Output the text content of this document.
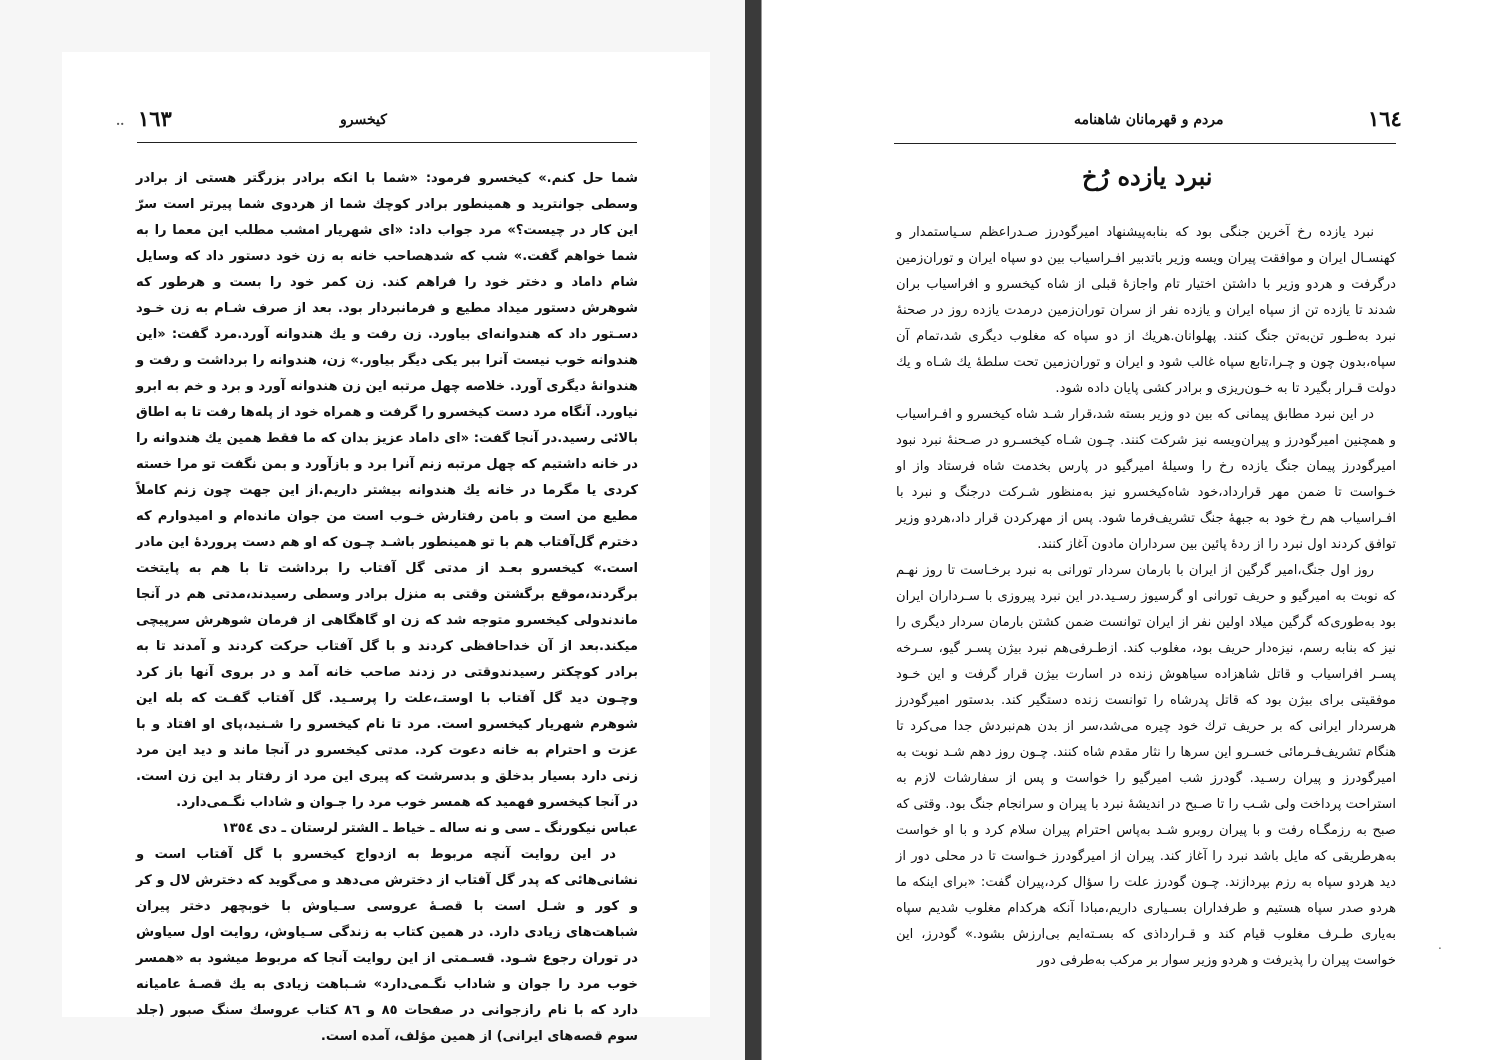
١٦٣	کیخسرو
..

شما حل کنم.» کیخسرو فرمود: «شما با انکه برادر بزرگتر هستی از برادر وسطی جوانترید و همینطور برادر کوچك شما از هردوی شما پیرتر است سرّ این کار در چیست؟» مرد جواب داد: «ای شهریار امشب مطلب این معما را به شما خواهم گفت.» شب که شدهصاحب خانه به زن خود دستور داد که وسایل شام داماد و دختر خود را فراهم کند. زن کمر خود را بست و هرطور که شوهرش دستور میداد مطیع و فرمانبردار بود. بعد از صرف شـام به زن خـود دسـتور داد که هندوانه‌ای بیاورد. زن رفت و یك هندوانه آورد.مرد گفت: «این هندوانه خوب نیست آنرا ببر یکی دیگر بیاور.» زن، هندوانه را برداشت و رفت و هندوانهٔ دیگری آورد. خلاصه چهل مرتبه این زن هندوانه آورد و برد و خم به ابرو نیاورد. آنگاه مرد دست کیخسرو را گرفت و همراه خود از پله‌ها رفت تا به اطاق بالائی رسید.در آنجا گفت: «ای داماد عزیز بدان که ما فقط همین یك هندوانه را در خانه داشتیم که چهل مرتبه زنم آنرا برد و بازآورد و بمن نگفت تو مرا خسته کردی یا مگرما در خانه یك هندوانه بیشتر داریم.از این جهت چون زنم کاملاً مطیع من است و بامن رفتارش خـوب است من جوان مانده‌ام و امیدوارم که دخترم گل‌آفتاب هم با تو همینطور باشـد چـون که او هم دست پروردهٔ این مادر است.» کیخسرو بعـد از مدتی گل آفتاب را برداشت تا با هم به پایتخت برگردند،موقع برگشتن وقتی به منزل برادر وسطی رسیدند،مدتی هم در آنجا ماندندولی کیخسرو متوجه شد که زن او گاهگاهی از فرمان شوهرش سرپیچی میکند.بعد از آن خداحافظی کردند و با گل آفتاب حرکت کردند و آمدند تا به برادر کوچکتر رسیدندوقتی در زدند صاحب خانه آمد و در بروی آنها باز کرد وچـون دید گل آفتاب با اوستـ،علت را پرسـید. گل آفتاب گفـت که بله این شوهرم شهریار کیخسرو است. مرد تا نام کیخسرو را شـنید،پای او افتاد و با عزت و احترام به خانه دعوت کرد. مدتی کیخسرو در آنجا ماند و دید این مرد زنی دارد بسیار بدخلق و بدسرشت که پیری این مرد از رفتار بد این زن است. در آنجا کیخسرو فهمید که همسر خوب مرد را جـوان و شاداب نگـمی‌دارد.

عباس نیکورنگ ـ سی و نه ساله ـ خیاط ـ الشتر لرستان ـ دی ١٣٥٤

در این روایت آنچه مربوط به ازدواج کیخسرو با گل آفتاب است و نشانی‌هائی که پدر گل آفتاب از دخترش می‌دهد و می‌گوید که دخترش لال و کر و کور و شـل است با قصـهٔ عروسی سـیاوش با خوبچهر دختر پیران شباهت‌های زیادی دارد. در همین کتاب به زندگی سـیاوش، روایت اول سیاوش در توران رجوع شـود. قسـمتی از این روایت آنجا که مربوط میشود به «همسر خوب مرد را جوان و شاداب نگـمی‌دارد» شـباهت زیادی به یك قصـهٔ عامیانه دارد که با نام رازجوانی در صفحات ٨٥ و ٨٦ کتاب عروسك سنگ صبور (جلد سوم قصه‌های ایرانی) از همین مؤلف، آمده است.

١٦٤
مردم و قهرمانان شاهنامه
نبرد یازده رُخ

نبرد یازده رخ آخرین جنگی بود که بنابه‌پیشنهاد امیرگودرز صـدراعظم سـیاستمدار و کهنسـال ایران و موافقت پیران ویسه وزیر باتدبیر افـراسیاب بین دو سپاه ایران و توران‌زمین درگرفت و هردو وزیر با داشتن اختیار تام واجازهٔ قبلی از شاه کیخسرو و افراسیاب بران شدند تا یازده تن از سپاه ایران و یازده نفر از سران توران‌زمین درمدت یازده روز در صحنهٔ نبرد به‌طـور تن‌به‌تن جنگ کنند. پهلوانان.هریك از دو سپاه که مغلوب دیگری شد،تمام آن سپاه،بدون چون و چـرا،تابع سپاه غالب شود و ایران و توران‌زمین تحت سلطهٔ یك شـاه و یك دولت قـرار بگیرد تا به خـون‌ریزی و برادر کشی پایان داده شود.

در این نبرد مطابق پیمانی که بین دو وزیر بسته شد،قرار شـد شاه کیخسرو و افـراسیاب و همچنین امیرگودرز و پیران‌ویسه نیز شرکت کنند. چـون شـاه کیخسـرو در صـحنهٔ نبرد نبود امیرگودرز پیمان جنگ یازده رخ را وسیلهٔ امیرگیو در پارس بخدمت شاه فرستاد واز او خـواست تا ضمن مهر قرارداد،خود شاه‌کیخسرو نیز به‌منظور شـرکت درجنگ و نبرد با افـراسیاب هم رخ خود به جبههٔ جنگ تشریف‌فرما شود. پس از مهرکردن قرار داد،هردو وزیر توافق کردند اول نبرد را از ردهٔ پائین بین سرداران مادون آغاز کنند.

روز اول جنگ،امیر گرگین از ایران با بارمان سردار تورانی به نبرد برخـاست تا روز نهـم که نوبت به امیرگیو و حریف تورانی او گرسیوز رسـید.در این نبرد پیروزی با سـرداران ایران بود به‌طوری‌که گرگین میلاد اولین نفر از ایران توانست ضمن کشتن بارمان سردار دیگری را نیز که بنابه رسم، نیزه‌دار حریف بود، مغلوب کند. ازطـرفی‌هم نبرد بیژن پسـر گیو، سـرخه پسـر افراسیاب و قاتل شاهزاده سیاهوش زنده در اسارت بیژن قرار گرفت و این خـود موفقیتی برای بیژن بود که قاتل پدرشاه را توانست زنده دستگیر کند. بدستور امیرگودرز هرسردار ایرانی که بر حریف ترك خود چیره می‌شد،سر از بدن هم‌نبردش جدا می‌کرد تا هنگام تشریف‌فـرمائی خسـرو این سرها را نثار مقدم شاه کنند. چـون روز دهم شـد نوبت به امیرگودرز و پیران رسـید. گودرز شب امیرگیو را خواست و پس از سفارشات لازم به استراحت پرداخت ولی شـب را تا صـبح در اندیشهٔ نبرد با پیران و سرانجام جنگ بود. وقتی که صبح به رزمگـاه رفت و با پیران روبرو شـد به‌پاس احترام پیران سلام کرد و با او خواست به‌هرطریقی که مایل باشد نبرد را آغاز کند. پیران از امیرگودرز خـواست تا در محلی دور از دید هردو سپاه به رزم بپردازند. چـون گودرز علت را سؤال کرد،پیران گفت: «برای اینکه ما هردو صدر سپاه هستیم و طرفداران بسـیاری داریم،مبادا آنکه هرکدام مغلوب شدیم سپاه به‌یاری طـرف مغلوب قیام کند و قـرارداذی که بسـته‌ایم بی‌ارزش بشود.» گودرز، این خواست پیران را پذیرفت و هردو وزیر سوار بر مرکب به‌طرفی دور

.
